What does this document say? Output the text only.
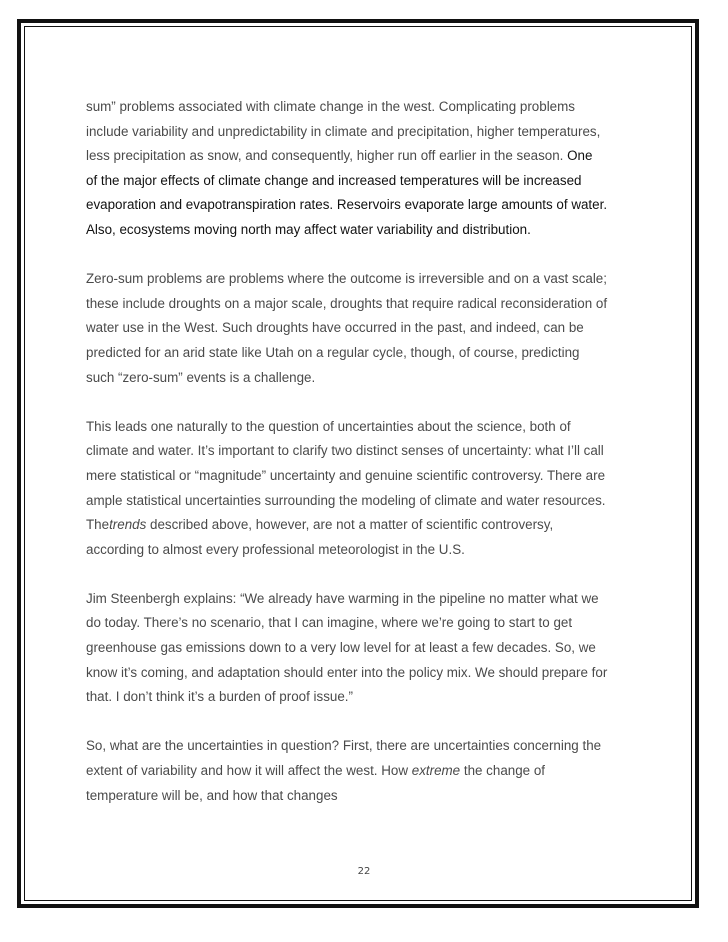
sum” problems associated with climate change in the west. Complicating problems
include variability and unpredictability in climate and precipitation, higher temperatures,
less precipitation as snow, and consequently, higher run off earlier in the season. One
of the major effects of climate change and increased temperatures will be increased
evaporation and evapotranspiration rates. Reservoirs evaporate large amounts of water.
Also, ecosystems moving north may affect water variability and distribution.

Zero-sum problems are problems where the outcome is irreversible and on a vast scale;
these include droughts on a major scale, droughts that require radical reconsideration of
water use in the West. Such droughts have occurred in the past, and indeed, can be
predicted for an arid state like Utah on a regular cycle, though, of course, predicting
such “zero-sum” events is a challenge.

This leads one naturally to the question of uncertainties about the science, both of
climate and water. It’s important to clarify two distinct senses of uncertainty: what I’ll call
mere statistical or “magnitude” uncertainty and genuine scientific controversy. There are
ample statistical uncertainties surrounding the modeling of climate and water resources.
Thetrends described above, however, are not a matter of scientific controversy,
according to almost every professional meteorologist in the U.S.

Jim Steenbergh explains: “We already have warming in the pipeline no matter what we
do today. There’s no scenario, that I can imagine, where we’re going to start to get
greenhouse gas emissions down to a very low level for at least a few decades. So, we
know it’s coming, and adaptation should enter into the policy mix. We should prepare for
that. I don’t think it’s a burden of proof issue.”

So, what are the uncertainties in question? First, there are uncertainties concerning the
extent of variability and how it will affect the west. How extreme the change of
temperature will be, and how that changes

22
